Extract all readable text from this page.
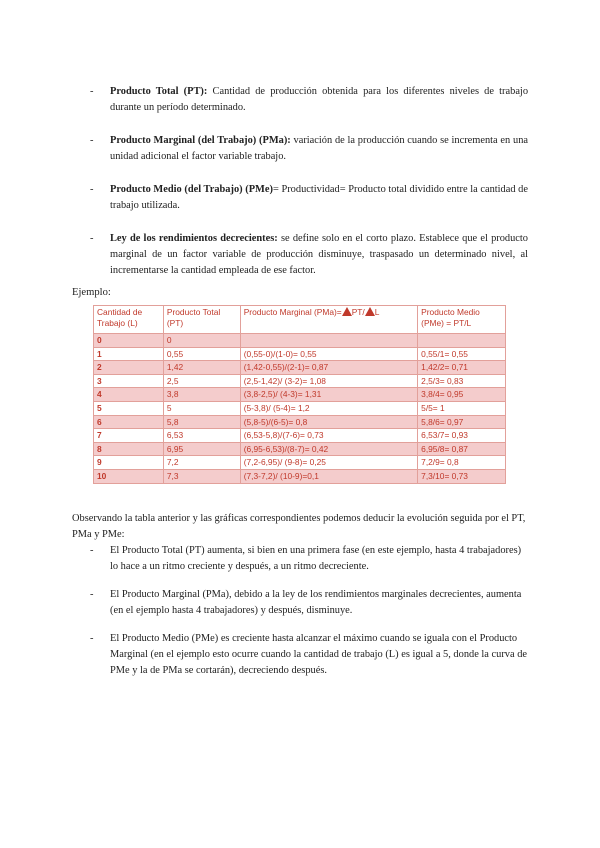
- Producto Total (PT): Cantidad de producción obtenida para los diferentes niveles de trabajo durante un período determinado.
- Producto Marginal (del Trabajo) (PMa): variación de la producción cuando se incrementa en una unidad adicional el factor variable trabajo.
- Producto Medio (del Trabajo) (PMe)= Productividad= Producto total dividido entre la cantidad de trabajo utilizada.
- Ley de los rendimientos decrecientes: se define solo en el corto plazo. Establece que el producto marginal de un factor variable de producción disminuye, traspasado un determinado nivel, al incrementarse la cantidad empleada de ese factor.
Ejemplo:
Cantidad de Trabajo (L)	Producto Total (PT)	Producto Marginal (PMa)= PT/ L	Producto Medio (PMe) = PT/L
0	0		
1	0,55	(0,55-0)/(1-0)= 0,55	0,55/1= 0,55
2	1,42	(1,42-0,55)/(2-1)= 0,87	1,42/2= 0,71
3	2,5	(2,5-1,42)/ (3-2)= 1,08	2,5/3= 0,83
4	3,8	(3,8-2,5)/ (4-3)= 1,31	3,8/4= 0,95
5	5	(5-3,8)/ (5-4)= 1,2	5/5= 1
6	5,8	(5,8-5)/(6-5)= 0,8	5,8/6= 0,97
7	6,53	(6,53-5,8)/(7-6)= 0,73	6,53/7= 0,93
8	6,95	(6,95-6,53)/(8-7)= 0,42	6,95/8= 0,87
9	7,2	(7,2-6,95)/ (9-8)= 0,25	7,2/9= 0,8
10	7,3	(7,3-7,2)/ (10-9)=0,1	7,3/10= 0,73
Observando la tabla anterior y las gráficas correspondientes podemos deducir la evolución seguida por el PT, PMa y PMe:
- El Producto Total (PT) aumenta, si bien en una primera fase (en este ejemplo, hasta 4 trabajadores) lo hace a un ritmo creciente y después, a un ritmo decreciente.
- El Producto Marginal (PMa), debido a la ley de los rendimientos marginales decrecientes, aumenta (en el ejemplo hasta 4 trabajadores) y después, disminuye.
- El Producto Medio (PMe) es creciente hasta alcanzar el máximo cuando se iguala con el Producto Marginal (en el ejemplo esto ocurre cuando la cantidad de trabajo (L) es igual a 5, donde la curva de PMe y la de PMa se cortarán), decreciendo después.
